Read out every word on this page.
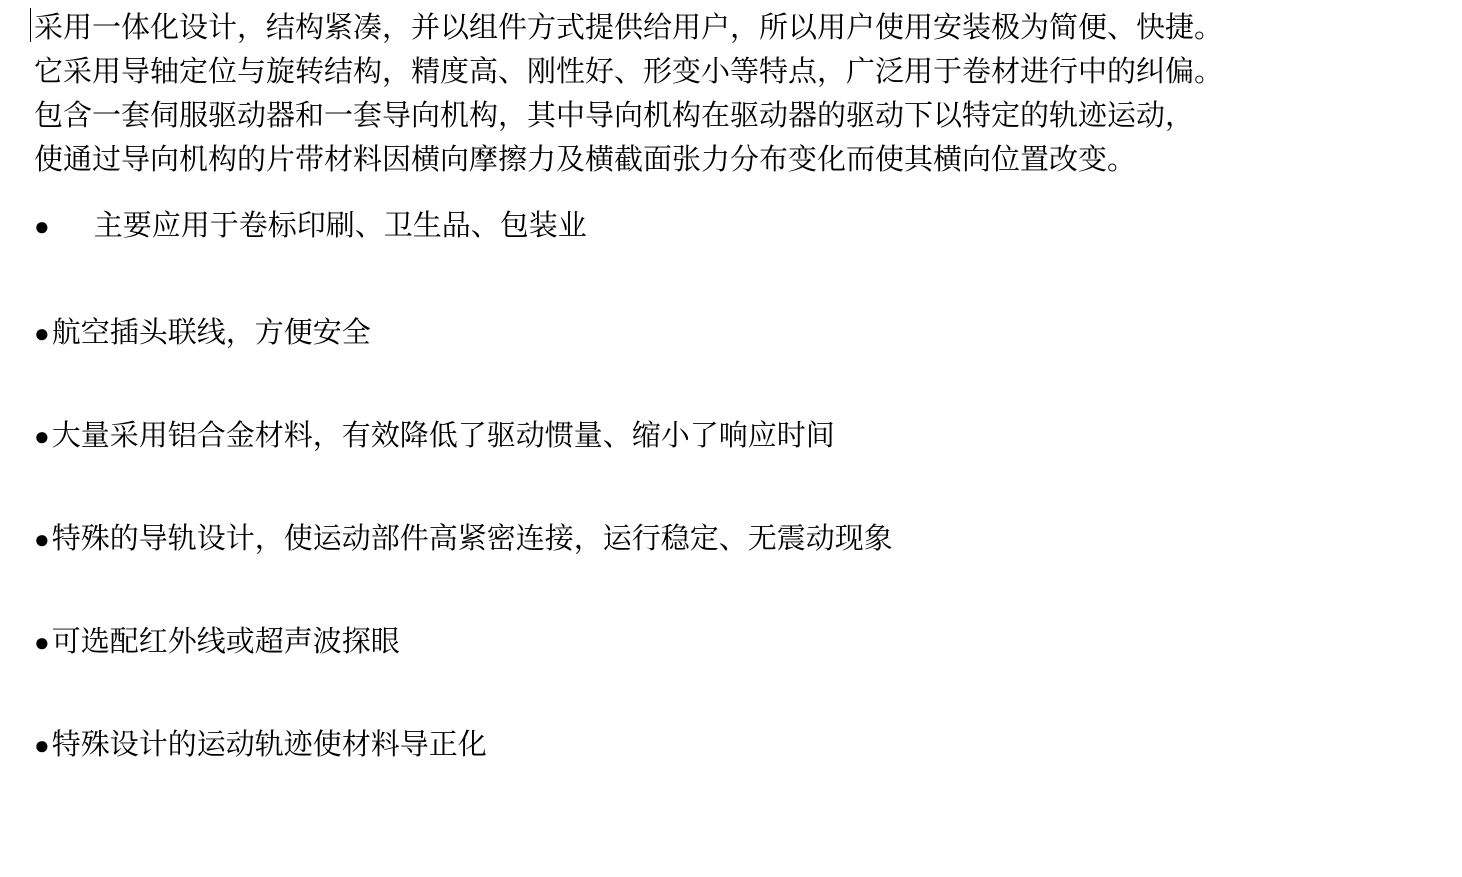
采用一体化设计，结构紧凑，并以组件方式提供给用户，所以用户使用安装极为简便、快捷。
它采用导轴定位与旋转结构，精度高、刚性好、形变小等特点，广泛用于卷材进行中的纠偏。
包含一套伺服驱动器和一套导向机构，其中导向机构在驱动器的驱动下以特定的轨迹运动，
使通过导向机构的片带材料因横向摩擦力及横截面张力分布变化而使其横向位置改变。

● 主要应用于卷标印刷、卫生品、包装业
● 航空插头联线，方便安全
● 大量采用铝合金材料，有效降低了驱动惯量、缩小了响应时间
● 特殊的导轨设计，使运动部件高紧密连接，运行稳定、无震动现象
● 可选配红外线或超声波探眼
● 特殊设计的运动轨迹使材料导正化
